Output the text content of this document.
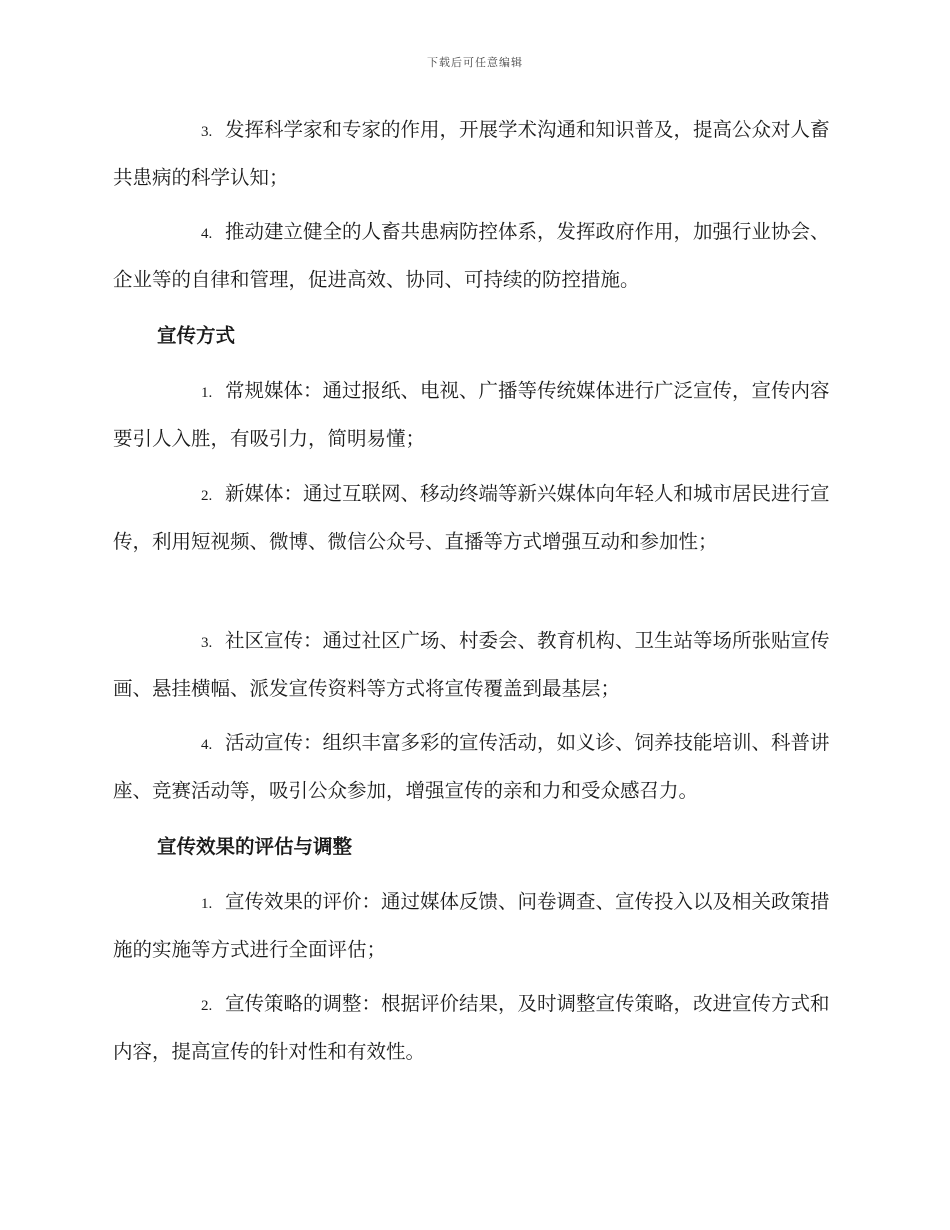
下载后可任意编辑

3. 发挥科学家和专家的作用，开展学术沟通和知识普及，提高公众对人畜共患病的科学认知；

4. 推动建立健全的人畜共患病防控体系，发挥政府作用，加强行业协会、企业等的自律和管理，促进高效、协同、可持续的防控措施。

宣传方式

1. 常规媒体：通过报纸、电视、广播等传统媒体进行广泛宣传，宣传内容要引人入胜，有吸引力，简明易懂；

2. 新媒体：通过互联网、移动终端等新兴媒体向年轻人和城市居民进行宣传，利用短视频、微博、微信公众号、直播等方式增强互动和参加性；

3. 社区宣传：通过社区广场、村委会、教育机构、卫生站等场所张贴宣传画、悬挂横幅、派发宣传资料等方式将宣传覆盖到最基层；

4. 活动宣传：组织丰富多彩的宣传活动，如义诊、饲养技能培训、科普讲座、竞赛活动等，吸引公众参加，增强宣传的亲和力和受众感召力。

宣传效果的评估与调整

1. 宣传效果的评价：通过媒体反馈、问卷调查、宣传投入以及相关政策措施的实施等方式进行全面评估；

2. 宣传策略的调整：根据评价结果，及时调整宣传策略，改进宣传方式和内容，提高宣传的针对性和有效性。
